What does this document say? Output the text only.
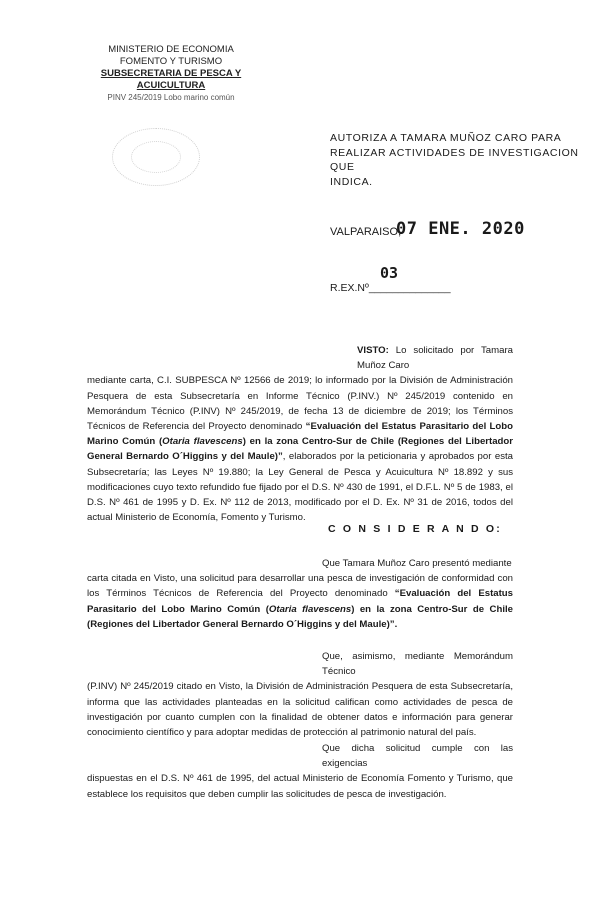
MINISTERIO DE ECONOMIA
FOMENTO Y TURISMO
SUBSECRETARIA DE PESCA Y ACUICULTURA
PINV 245/2019 Lobo marino común
AUTORIZA A TAMARA MUÑOZ CARO PARA
REALIZAR ACTIVIDADES DE INVESTIGACION QUE
INDICA.
VALPARAISO,
07 ENE. 2020
R.EX.Nº______________
03
VISTO: Lo solicitado por Tamara Muñoz Caro
mediante carta, C.I. SUBPESCA Nº 12566 de 2019; lo informado por la División de Administración Pesquera de esta Subsecretaría en Informe Técnico (P.INV.) Nº 245/2019 contenido en Memorándum Técnico (P.INV) Nº 245/2019, de fecha 13 de diciembre de 2019; los Términos Técnicos de Referencia del Proyecto denominado “Evaluación del Estatus Parasitario del Lobo Marino Común (Otaria flavescens) en la zona Centro-Sur de Chile (Regiones del Libertador General Bernardo O´Higgins y del Maule)”, elaborados por la peticionaria y aprobados por esta Subsecretaría; las Leyes Nº 19.880; la Ley General de Pesca y Acuicultura Nº 18.892 y sus modificaciones cuyo texto refundido fue fijado por el D.S. Nº 430 de 1991, el D.F.L. Nº 5 de 1983, el D.S. Nº 461 de 1995 y D. Ex. Nº 112 de 2013, modificado por el D. Ex. Nº 31 de 2016, todos del actual Ministerio de Economía, Fomento y Turismo.
C O N S I D E R A N D O:
Que Tamara Muñoz Caro presentó mediante
carta citada en Visto, una solicitud para desarrollar una pesca de investigación de conformidad con los Términos Técnicos de Referencia del Proyecto denominado “Evaluación del Estatus Parasitario del Lobo Marino Común (Otaria flavescens) en la zona Centro-Sur de Chile (Regiones del Libertador General Bernardo O´Higgins y del Maule)”.
Que, asimismo, mediante Memorándum Técnico
(P.INV) Nº 245/2019 citado en Visto, la División de Administración Pesquera de esta Subsecretaría, informa que las actividades planteadas en la solicitud califican como actividades de pesca de investigación por cuanto cumplen con la finalidad de obtener datos e información para generar conocimiento científico y para adoptar medidas de protección al patrimonio natural del país.
Que dicha solicitud cumple con las exigencias
dispuestas en el D.S. Nº 461 de 1995, del actual Ministerio de Economía Fomento y Turismo, que establece los requisitos que deben cumplir las solicitudes de pesca de investigación.
